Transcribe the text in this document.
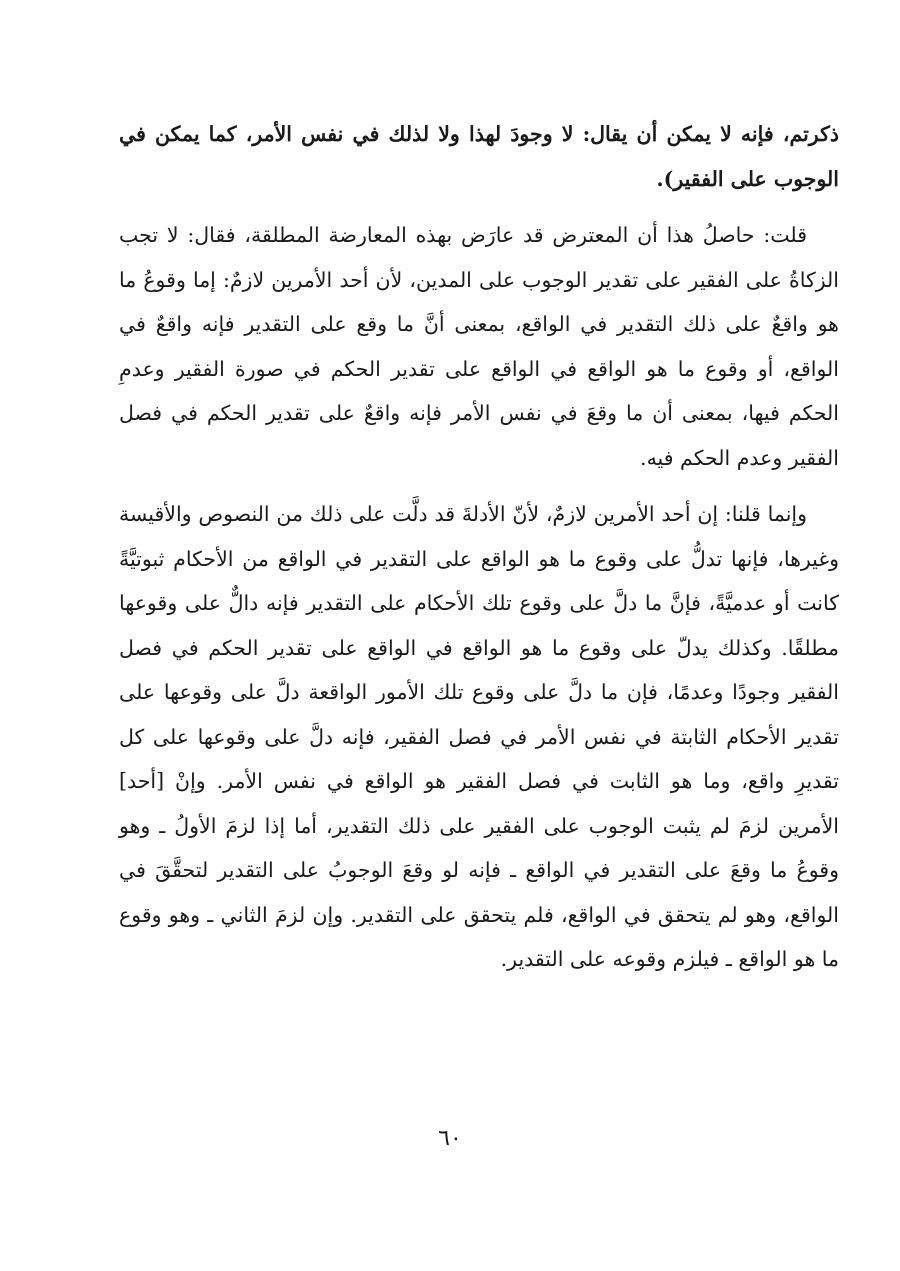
ذكرتم، فإنه لا يمكن أن يقال: لا وجودَ لهذا ولا لذلك في نفس الأمر، كما يمكن في الوجوب على الفقير).

قلت: حاصلُ هذا أن المعترض قد عارَض بهذه المعارضة المطلقة، فقال: لا تجب الزكاةُ على الفقير على تقدير الوجوب على المدين، لأن أحد الأمرين لازمٌ: إما وقوعُ ما هو واقعٌ على ذلك التقدير في الواقع، بمعنى أنَّ ما وقع على التقدير فإنه واقعٌ في الواقع، أو وقوع ما هو الواقع في الواقع على تقدير الحكم في صورة الفقير وعدمِ الحكم فيها، بمعنى أن ما وقعَ في نفس الأمر فإنه واقعٌ على تقدير الحكم في فصل الفقير وعدم الحكم فيه.

وإنما قلنا: إن أحد الأمرين لازمٌ، لأنّ الأدلةَ قد دلَّت على ذلك من النصوص والأقيسة وغيرها، فإنها تدلُّ على وقوع ما هو الواقع على التقدير في الواقع من الأحكام ثبوتيَّةً كانت أو عدميَّةً، فإنَّ ما دلَّ على وقوع تلك الأحكام على التقدير فإنه دالٌّ على وقوعها مطلقًا. وكذلك يدلّ على وقوع ما هو الواقع في الواقع على تقدير الحكم في فصل الفقير وجودًا وعدمًا، فإن ما دلَّ على وقوع تلك الأمور الواقعة دلَّ على وقوعها على تقدير الأحكام الثابتة في نفس الأمر في فصل الفقير، فإنه دلَّ على وقوعها على كل تقديرِ واقع، وما هو الثابت في فصل الفقير هو الواقع في نفس الأمر. وإنْ [أحد] الأمرين لزمَ لم يثبت الوجوب على الفقير على ذلك التقدير، أما إذا لزمَ الأولُ ـ وهو وقوعُ ما وقعَ على التقدير في الواقع ـ فإنه لو وقعَ الوجوبُ على التقدير لتحقَّقَ في الواقع، وهو لم يتحقق في الواقع، فلم يتحقق على التقدير. وإن لزمَ الثاني ـ وهو وقوع ما هو الواقع ـ فيلزم وقوعه على التقدير.

٦٠
